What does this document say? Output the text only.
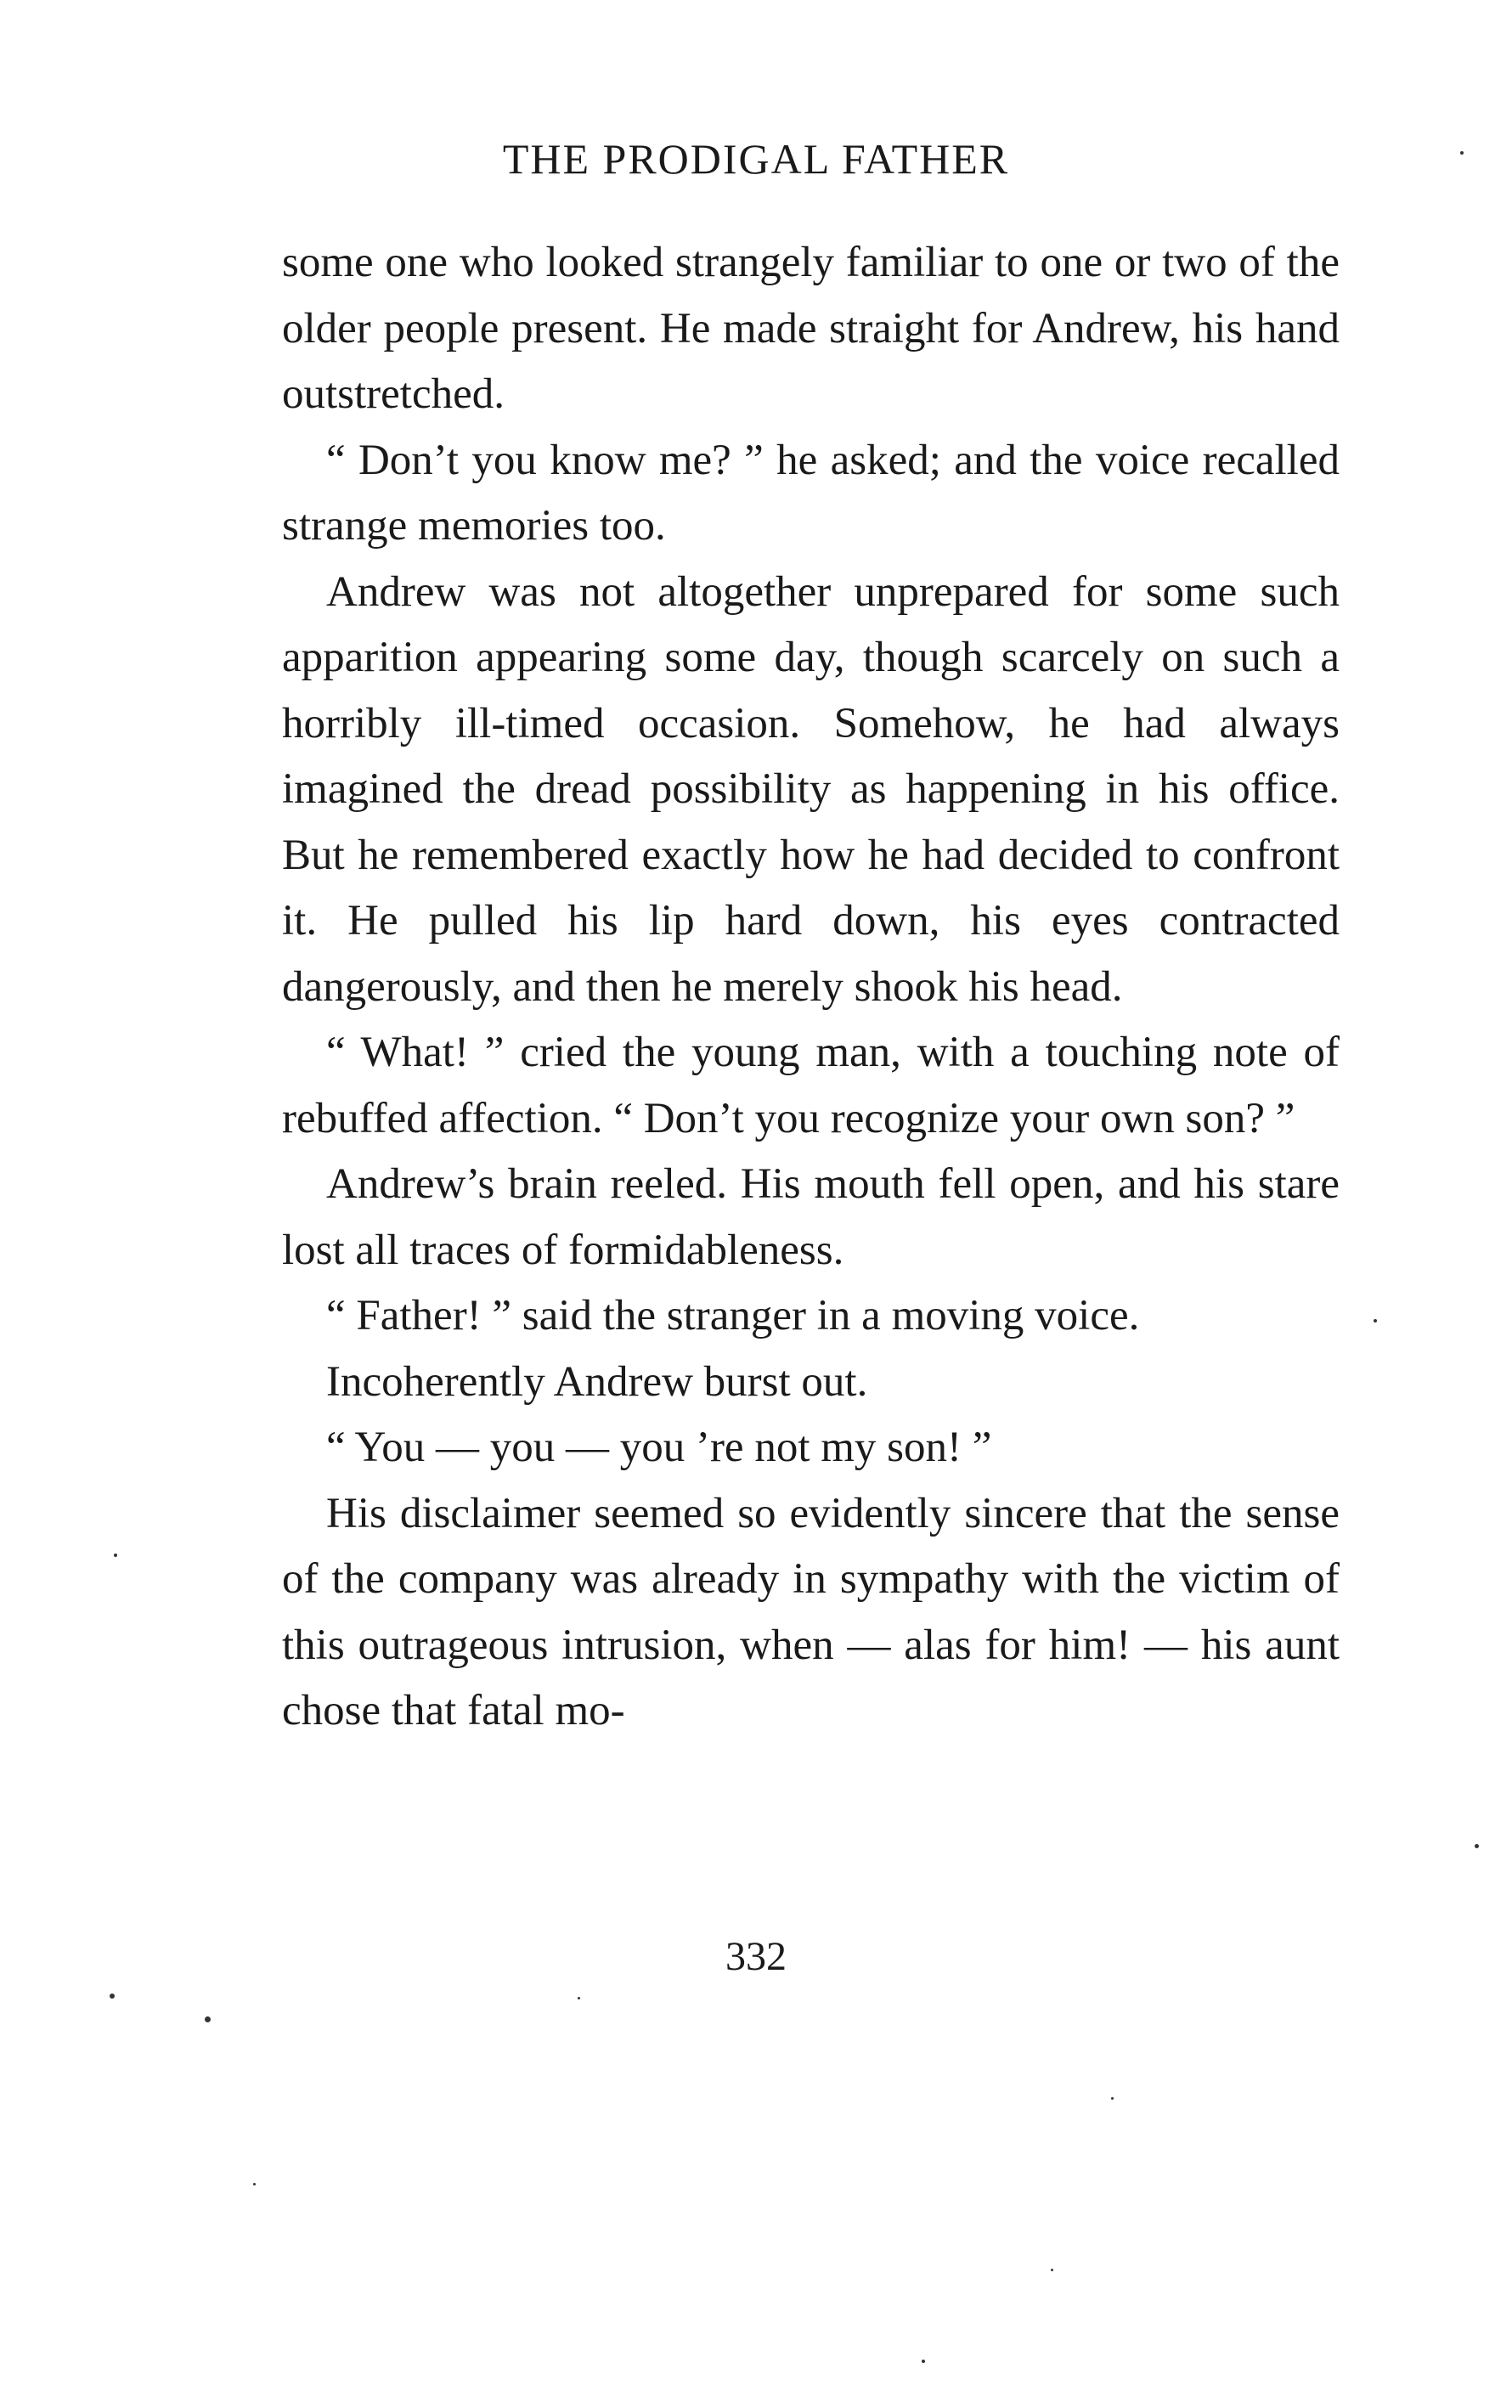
THE PRODIGAL FATHER

some one who looked strangely familiar to one or two of the older people present. He made straight for Andrew, his hand outstretched.

“ Don’t you know me? ” he asked; and the voice recalled strange memories too.

Andrew was not altogether unprepared for some such apparition appearing some day, though scarcely on such a horribly ill-timed occasion. Somehow, he had always imagined the dread possibility as happening in his office. But he remembered exactly how he had decided to confront it. He pulled his lip hard down, his eyes contracted dangerously, and then he merely shook his head.

“ What! ” cried the young man, with a touching note of rebuffed affection. “ Don’t you recognize your own son? ”

Andrew’s brain reeled. His mouth fell open, and his stare lost all traces of formidableness.

“ Father! ” said the stranger in a moving voice.

Incoherently Andrew burst out.

“ You — you — you ’re not my son! ”

His disclaimer seemed so evidently sincere that the sense of the company was already in sympathy with the victim of this outrageous intrusion, when — alas for him! — his aunt chose that fatal mo-

332
